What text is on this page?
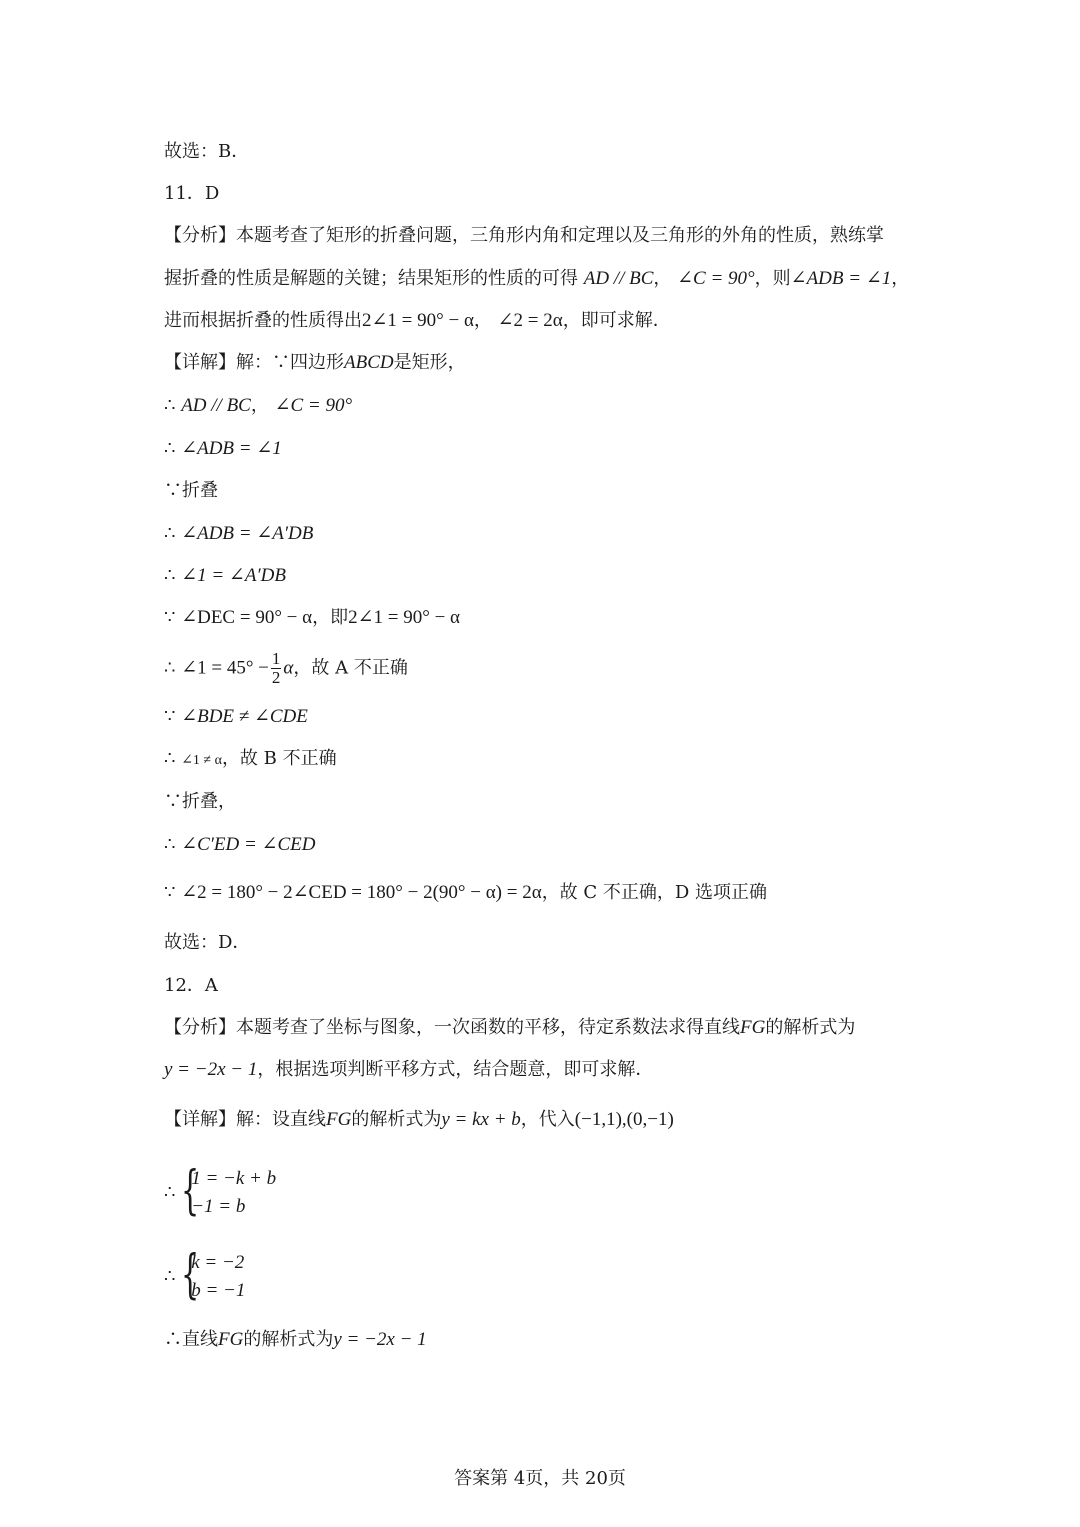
故选：B．
11．D
【分析】本题考查了矩形的折叠问题，三角形内角和定理以及三角形的外角的性质，熟练掌
握折叠的性质是解题的关键；结果矩形的性质的可得 AD // BC， ∠C = 90°，则∠ADB = ∠1，
进而根据折叠的性质得出2∠1 = 90° − α， ∠2 = 2α，即可求解．
【详解】解：∵四边形ABCD是矩形，
∴ AD // BC， ∠C = 90°
∴ ∠ADB = ∠1
∵折叠
∴ ∠ADB = ∠A′DB
∴ ∠1 = ∠A′DB
∵ ∠DEC = 90° − α，即2∠1 = 90° − α
∴ ∠1 = $45^\circ - \frac{1}{2}$ α，故 A 不正确
∵ ∠BDE ≠ ∠CDE
∴ ∠1 ≠ α，故 B 不正确
∵折叠，
∴ ∠C′ED = ∠CED
∵ ∠2 = 180° − 2∠CED = 180° − 2(90° − α) = 2α，故 C 不正确，D 选项正确
故选：D．
12．A
【分析】本题考查了坐标与图象，一次函数的平移，待定系数法求得直线FG的解析式为
y = −2x − 1，根据选项判断平移方式，结合题意，即可求解．
【详解】解：设直线FG的解析式为y = kx + b，代入(−1,1),(0,−1)
∴ {
1 = −k + b
−1 = b
∴ {
k = −2
b = −1
∴直线FG的解析式为y = −2x − 1
答案第 4页，共 20页
